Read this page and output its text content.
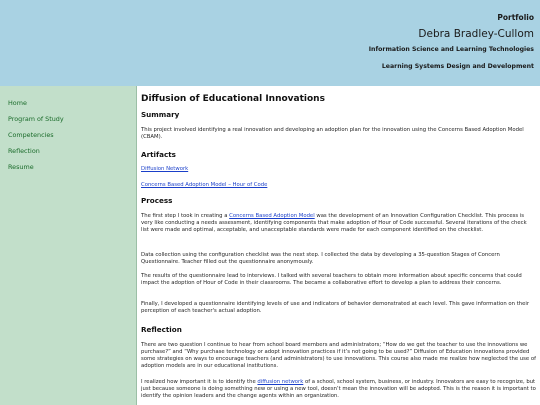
Portfolio
Debra Bradley-Cullom
Information Science and Learning Technologies
Learning Systems Design and Development
Home
Program of Study
Competencies
Reflection
Resume
Diffusion of Educational Innovations
Summary

This project involved identifying a real innovation and developing an adoption plan for the innovation using the Concerns Based Adoption Model (CBAM).

Artifacts

Diffusion Network

Concerns Based Adoption Model – Hour of Code

Process

The first step I took in creating a Concerns Based Adoption Model was the development of an Innovation Configuration Checklist. This process is very like conducting a needs assessment, identifying components that make adoption of Hour of Code successful. Several iterations of the check list were made and optimal, acceptable, and unacceptable standards were made for each component identified on the checklist.

Data collection using the configuration checklist was the next step. I collected the data by developing a 35-question Stages of Concern Questionnaire. Teacher filled out the questionnaire anonymously.

The results of the questionnaire lead to interviews. I talked with several teachers to obtain more information about specific concerns that could impact the adoption of Hour of Code in their classrooms. The became a collaborative effort to develop a plan to address their concerns.

Finally, I developed a questionnaire identifying levels of use and indicators of behavior demonstrated at each level. This gave information on their perception of each teacher's actual adoption.

Reflection

There are two question I continue to hear from school board members and administrators; “How do we get the teacher to use the innovations we purchase?” and “Why purchase technology or adopt innovation practices if it’s not going to be used?” Diffusion of Education innovations provided some strategies on ways to encourage teachers (and administrators) to use innovations. This course also made me realize how neglected the use of adoption models are in our educational institutions.

I realized how important it is to identify the diffusion network of a school, school system, business, or industry. Innovators are easy to recognize, but just because someone is doing something new or using a new tool, doesn’t mean the innovation will be adopted. This is the reason it is important to identify the opinion leaders and the change agents within an organization.
